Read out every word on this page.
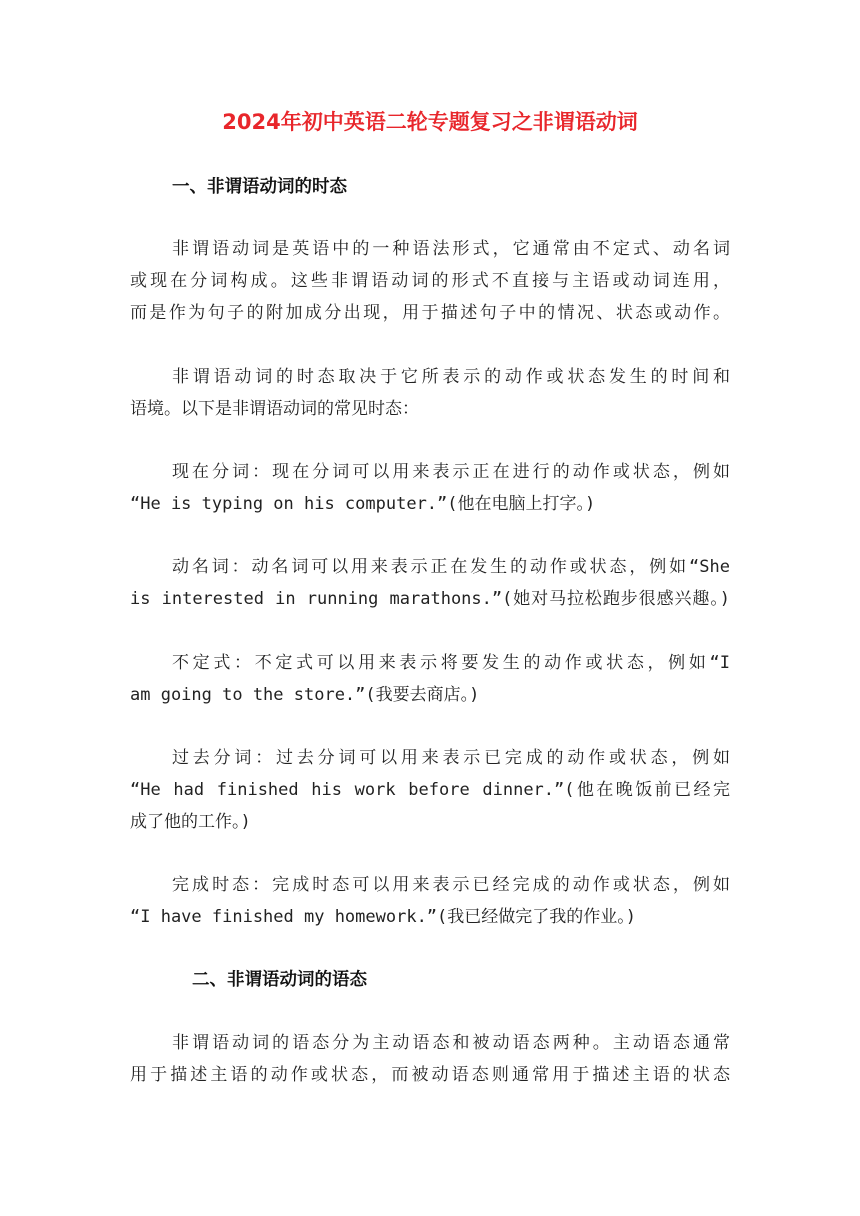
2024年初中英语二轮专题复习之非谓语动词
一、非谓语动词的时态
非谓语动词是英语中的一种语法形式，它通常由不定式、动名词
或现在分词构成。这些非谓语动词的形式不直接与主语或动词连用，
而是作为句子的附加成分出现，用于描述句子中的情况、状态或动作。
非谓语动词的时态取决于它所表示的动作或状态发生的时间和
语境。以下是非谓语动词的常见时态：
现在分词：现在分词可以用来表示正在进行的动作或状态，例如
“He is typing on his computer.”(他在电脑上打字。)
动名词：动名词可以用来表示正在发生的动作或状态，例如“She
is interested in running marathons.”(她对马拉松跑步很感兴趣。)
不定式：不定式可以用来表示将要发生的动作或状态，例如“I
am going to the store.”(我要去商店。)
过去分词：过去分词可以用来表示已完成的动作或状态，例如
“He had finished his work before dinner.”(他在晚饭前已经完
成了他的工作。)
完成时态：完成时态可以用来表示已经完成的动作或状态，例如
“I have finished my homework.”(我已经做完了我的作业。)
二、非谓语动词的语态
非谓语动词的语态分为主动语态和被动语态两种。主动语态通常
用于描述主语的动作或状态，而被动语态则通常用于描述主语的状态
